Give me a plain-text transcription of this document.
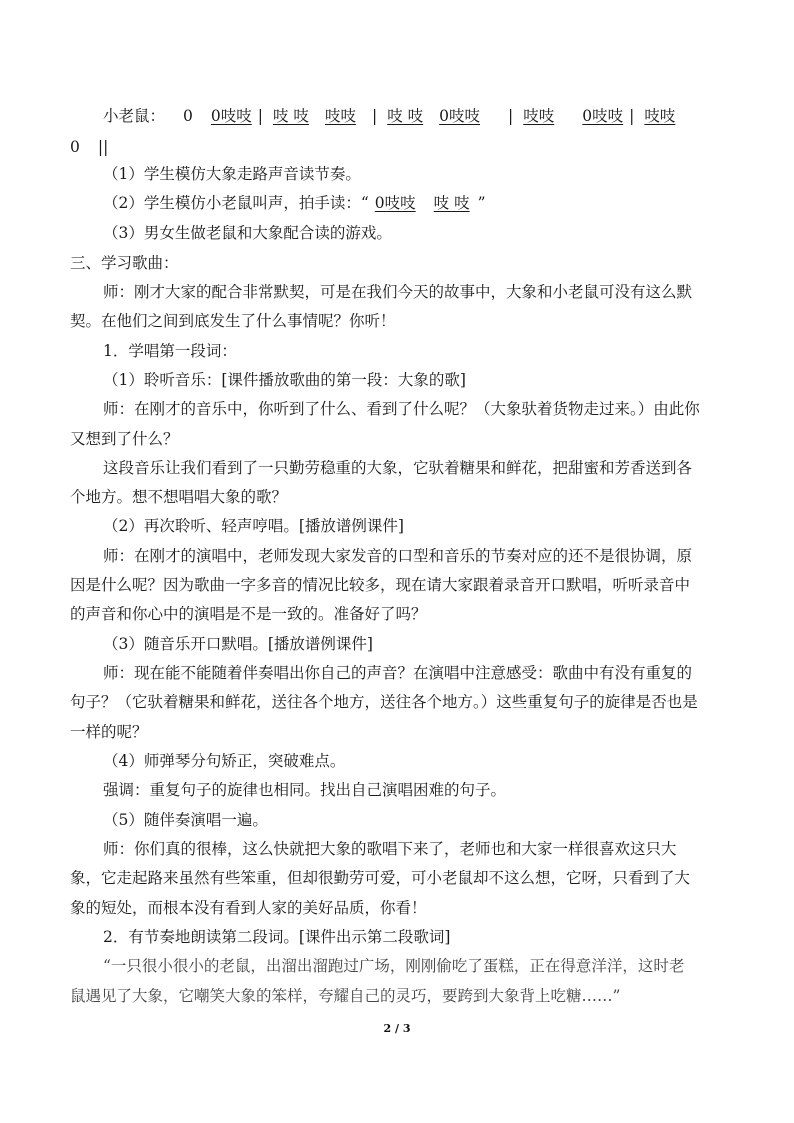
小老鼠： 0 0吱吱 | 吱 吱 吱吱 | 吱 吱 0吱吱 | 吱吱 0吱吱 | 吱吱
0 ||
（1）学生模仿大象走路声音读节奏。
（2）学生模仿小老鼠叫声，拍手读：“ 0吱吱 吱 吱 ”
（3）男女生做老鼠和大象配合读的游戏。
三、学习歌曲：
师：刚才大家的配合非常默契，可是在我们今天的故事中，大象和小老鼠可没有这么默
契。在他们之间到底发生了什么事情呢？你听！
1．学唱第一段词：
（1）聆听音乐：[课件播放歌曲的第一段：大象的歌]
师：在刚才的音乐中，你听到了什么、看到了什么呢？（大象驮着货物走过来。）由此你
又想到了什么？
这段音乐让我们看到了一只勤劳稳重的大象，它驮着糖果和鲜花，把甜蜜和芳香送到各
个地方。想不想唱唱大象的歌？
（2）再次聆听、轻声哼唱。[播放谱例课件]
师：在刚才的演唱中，老师发现大家发音的口型和音乐的节奏对应的还不是很协调，原
因是什么呢？因为歌曲一字多音的情况比较多，现在请大家跟着录音开口默唱，听听录音中
的声音和你心中的演唱是不是一致的。准备好了吗？
（3）随音乐开口默唱。[播放谱例课件]
师：现在能不能随着伴奏唱出你自己的声音？在演唱中注意感受：歌曲中有没有重复的
句子？（它驮着糖果和鲜花，送往各个地方，送往各个地方。）这些重复句子的旋律是否也是
一样的呢？
（4）师弹琴分句矫正，突破难点。
强调：重复句子的旋律也相同。找出自己演唱困难的句子。
（5）随伴奏演唱一遍。
师：你们真的很棒，这么快就把大象的歌唱下来了，老师也和大家一样很喜欢这只大
象，它走起路来虽然有些笨重，但却很勤劳可爱，可小老鼠却不这么想，它呀，只看到了大
象的短处，而根本没有看到人家的美好品质，你看！
2．有节奏地朗读第二段词。[课件出示第二段歌词]
“一只很小很小的老鼠，出溜出溜跑过广场，刚刚偷吃了蛋糕，正在得意洋洋，这时老
鼠遇见了大象，它嘲笑大象的笨样，夸耀自己的灵巧，要跨到大象背上吃糖……”
2 / 3
